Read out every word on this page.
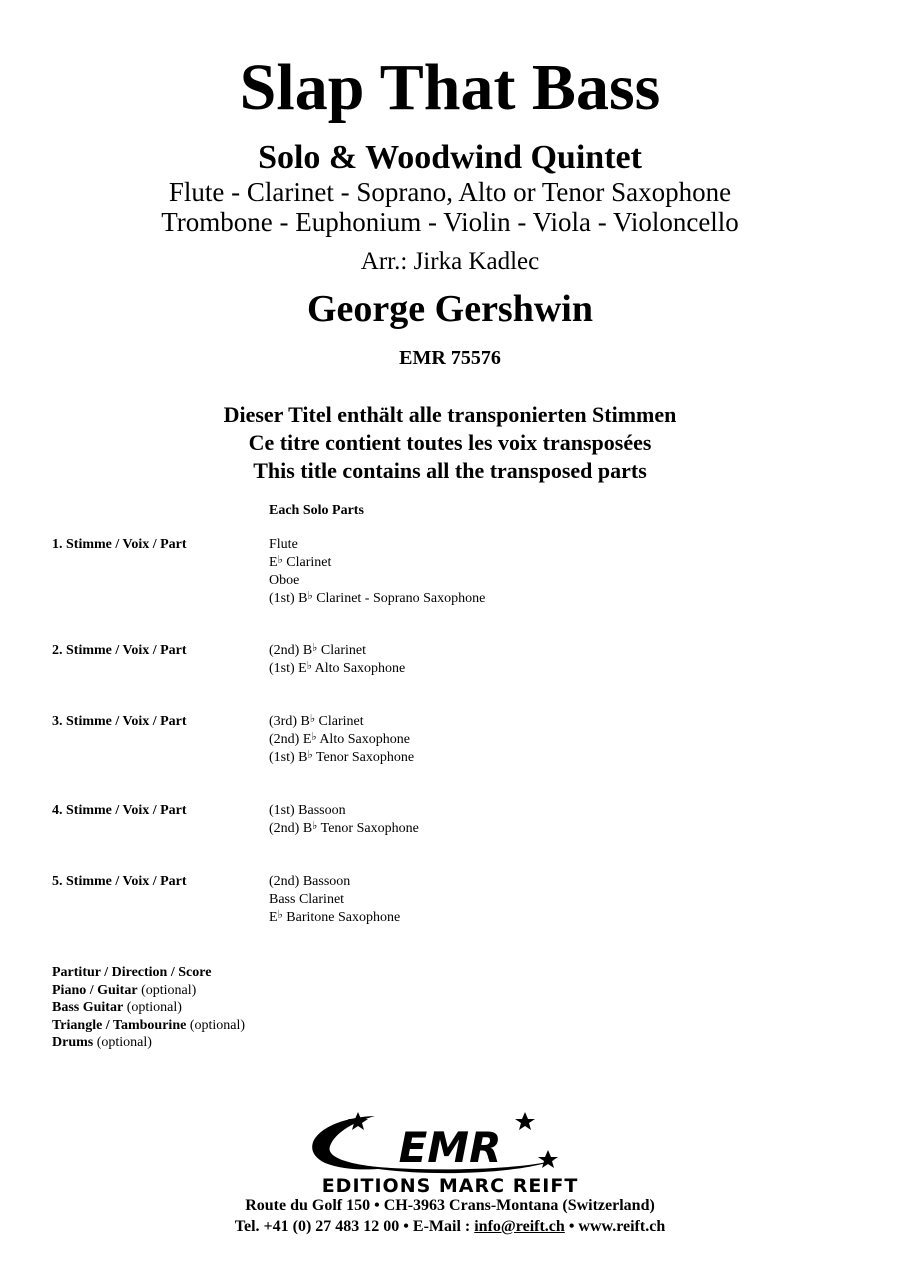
Slap That Bass
Solo & Woodwind Quintet
Flute - Clarinet - Soprano, Alto or Tenor Saxophone
Trombone - Euphonium - Violin - Viola - Violoncello
Arr.: Jirka Kadlec
George Gershwin
EMR 75576
Dieser Titel enthält alle transponierten Stimmen
Ce titre contient toutes les voix transposées
This title contains all the transposed parts
Each Solo Parts
1. Stimme / Voix / Part	Flute
E♭ Clarinet
Oboe
(1st) B♭ Clarinet - Soprano Saxophone
2. Stimme / Voix / Part	(2nd) B♭ Clarinet
(1st) E♭ Alto Saxophone
3. Stimme / Voix / Part	(3rd) B♭ Clarinet
(2nd) E♭ Alto Saxophone
(1st) B♭ Tenor Saxophone
4. Stimme / Voix / Part	(1st) Bassoon
(2nd) B♭ Tenor Saxophone
5. Stimme / Voix / Part	(2nd) Bassoon
Bass Clarinet
E♭ Baritone Saxophone
Partitur / Direction / Score
Piano / Guitar (optional)
Bass Guitar (optional)
Triangle / Tambourine (optional)
Drums (optional)
EMR
EDITIONS MARC REIFT
Route du Golf 150 • CH-3963 Crans-Montana (Switzerland)
Tel. +41 (0) 27 483 12 00 • E-Mail : info@reift.ch • www.reift.ch
